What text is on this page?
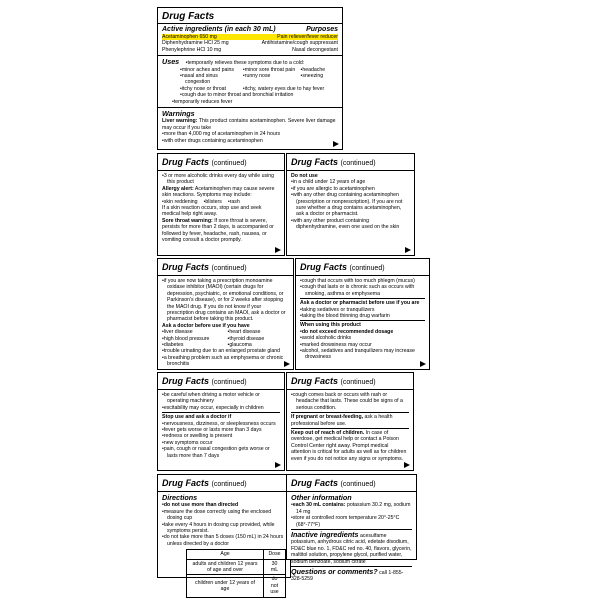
Drug Facts
Active ingredients (in each 30 mL)	Purposes
Acetaminophen 650 mg	Pain reliever/fever reducer
Diphenhydramine HCl 25 mg	Antihistamine/cough suppressant
Phenylephrine HCl 10 mg	Nasal decongestant
Uses • temporarily relieves these symptoms due to a cold:
• minor aches and pains	• minor sore throat pain	• headache
• nasal and sinus congestion
• runny nose	• sneezing
• itchy nose or throat	• itchy, watery eyes due to hay fever
• cough due to minor throat and bronchial irritation
• temporarily reduces fever
Warnings
Liver warning: This product contains acetaminophen. Severe liver damage may occur if you take
• more than 4,000 mg of acetaminophen in 24 hours
• with other drugs containing acetaminophen
Drug Facts (continued)
• 3 or more alcoholic drinks every day while using this product
Allergy alert: Acetaminophen may cause severe skin reactions. Symptoms may include:
• skin reddening	• blisters	• rash
If a skin reaction occurs, stop use and seek medical help right away.
Sore throat warning: If sore throat is severe, persists for more than 2 days, is accompanied or followed by fever, headache, rash, nausea, or vomiting consult a doctor promptly.
Drug Facts (continued)
Do not use
• in a child under 12 years of age
• if you are allergic to acetaminophen
• with any other drug containing acetaminophen (prescription or nonprescription). If you are not sure whether a drug contains acetaminophen, ask a doctor or pharmacist.
• with any other product containing diphenhydramine, even one used on the skin
Drug Facts (continued)
• if you are now taking a prescription monoamine oxidase inhibitor (MAOI) (certain drugs for depression, psychiatric, or emotional conditions, or Parkinson's disease), or for 2 weeks after stopping the MAOI drug. If you do not know if your prescription drug contains an MAOI, ask a doctor or pharmacist before taking this product.
Ask a doctor before use if you have
• liver disease	• heart disease
• high blood pressure	• thyroid disease
• diabetes	• glaucoma
• trouble urinating due to an enlarged prostate gland
• a breathing problem such as emphysema or chronic bronchitis
Drug Facts (continued)
• cough that occurs with too much phlegm (mucus)
• cough that lasts or is chronic such as occurs with smoking, asthma or emphysema
Ask a doctor or pharmacist before use if you are
• taking sedatives or tranquilizers
• taking the blood thinning drug warfarin
When using this product
• do not exceed recommended dosage
• avoid alcoholic drinks
• marked drowsiness may occur
• alcohol, sedatives and tranquilizers may increase drowsiness
Drug Facts (continued)
• be careful when driving a motor vehicle or operating machinery
• excitability may occur, especially in children
Stop use and ask a doctor if
• nervousness, dizziness, or sleeplessness occurs
• fever gets worse or lasts more than 3 days
• redness or swelling is present
• new symptoms occur
• pain, cough or nasal congestion gets worse or lasts more than 7 days
Drug Facts (continued)
• cough comes back or occurs with rash or headache that lasts. These could be signs of a serious condition.
If pregnant or breast-feeding, ask a health professional before use.
Keep out of reach of children. In case of overdose, get medical help or contact a Poison Control Center right away. Prompt medical attention is critical for adults as well as for children even if you do not notice any signs or symptoms.
Drug Facts (continued)
Directions
• do not use more than directed
• measure the dose correctly using the enclosed dosing cup
• take every 4 hours in dosing cup provided, while symptoms persist.
• do not take more than 5 doses (150 mL) in 24 hours unless directed by a doctor
Age	Dose
adults and children 12 years of age and over	30 mL
children under 12 years of age	do not use
Drug Facts (continued)
Other information
• each 30 mL contains: potassium 30.2 mg, sodium 14 mg
• store at controlled room temperature 20°-25°C (68°-77°F)
Inactive ingredients acesulfame potassium, anhydrous citric acid, edetate disodium, FD&C blue no. 1, FD&C red no. 40, flavors, glycerin, maltitol solution, propylene glycol, purified water, sodium benzoate, sodium citrate
Questions or comments? call 1-855-328-5259
